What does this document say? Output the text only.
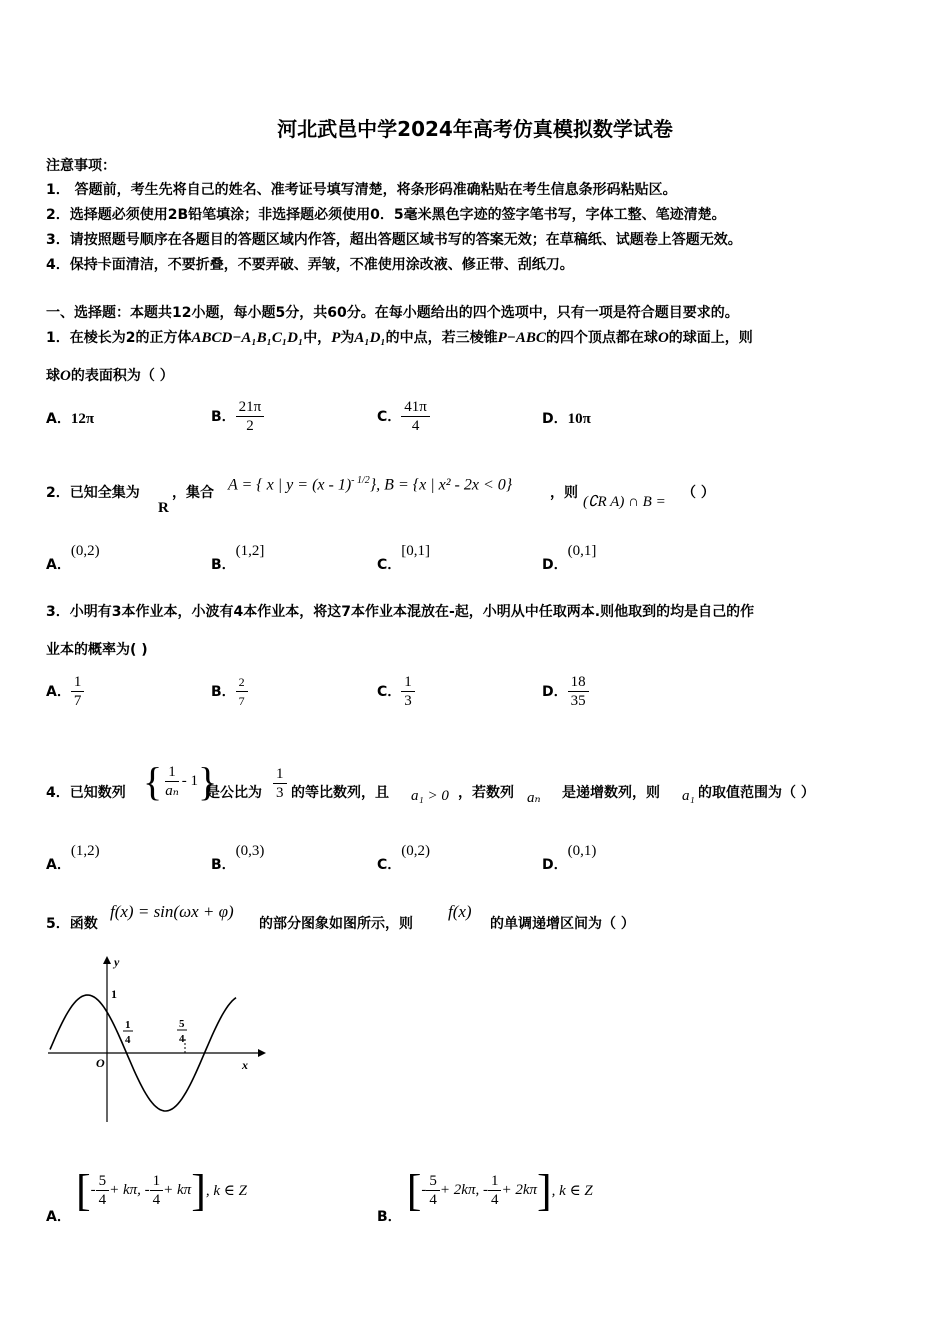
河北武邑中学2024年高考仿真模拟数学试卷
注意事项：
1． 答题前，考生先将自己的姓名、准考证号填写清楚，将条形码准确粘贴在考生信息条形码粘贴区。
2．选择题必须使用2B铅笔填涂；非选择题必须使用0．5毫米黑色字迹的签字笔书写，字体工整、笔迹清楚。
3．请按照题号顺序在各题目的答题区域内作答，超出答题区域书写的答案无效；在草稿纸、试题卷上答题无效。
4．保持卡面清洁，不要折叠，不要弄破、弄皱，不准使用涂改液、修正带、刮纸刀。
一、选择题：本题共12小题，每小题5分，共60分。在每小题给出的四个选项中，只有一项是符合题目要求的。
1．在棱长为2的正方体ABCD−A₁B₁C₁D₁中，P为A₁D₁的中点，若三棱锥P−ABC的四个顶点都在球O的球面上，则
球O的表面积为（ ）
A．12π	B． $\frac{21\pi}{2}$	C． $\frac{41\pi}{4}$	D．10π
2．已知全集为
R
，集合 A = { x | y = (x - 1)$^{- 1/2}$}, B = {x | x² - 2x < 0}	，则
(∁R A) ∩ B =
（ ）
A．(0,2)
B．(1,2]
C．[0,1]
D．(0,1]
3．小明有3本作业本，小波有4本作业本，将这7本作业本混放在-起，小明从中任取两本.则他取到的均是自己的作
业本的概率为( )
A． $\frac{1}{7}$	B． $\frac{2}{7}$	C． $\frac{1}{3}$	D． $\frac{18}{35}$
4．已知数列 { $\frac{1}{\text{aₙ}} - 1$}
是公比为 $\frac{1}{3}$ 的等比数列，且 a₁ > 0 ，若数列 aₙ 是递增数列，则 a₁ 的取值范围为（ ）
A．(1,2)
B．(0,3)
C．(0,2)
D．(0,1)
5．函数
f(x) = sin(ωx + φ)
的部分图象如图所示，则
f(x)
的单调递增区间为（ ）
y
x
O
1
1
4
5
4
A． [- $\frac{5}{4} + k\pi$, - $\frac{1}{4} + k\pi$], k ∈ Z
B． [- $\frac{5}{4} + 2k\pi$, - $\frac{1}{4} + 2k\pi$], k ∈ Z
